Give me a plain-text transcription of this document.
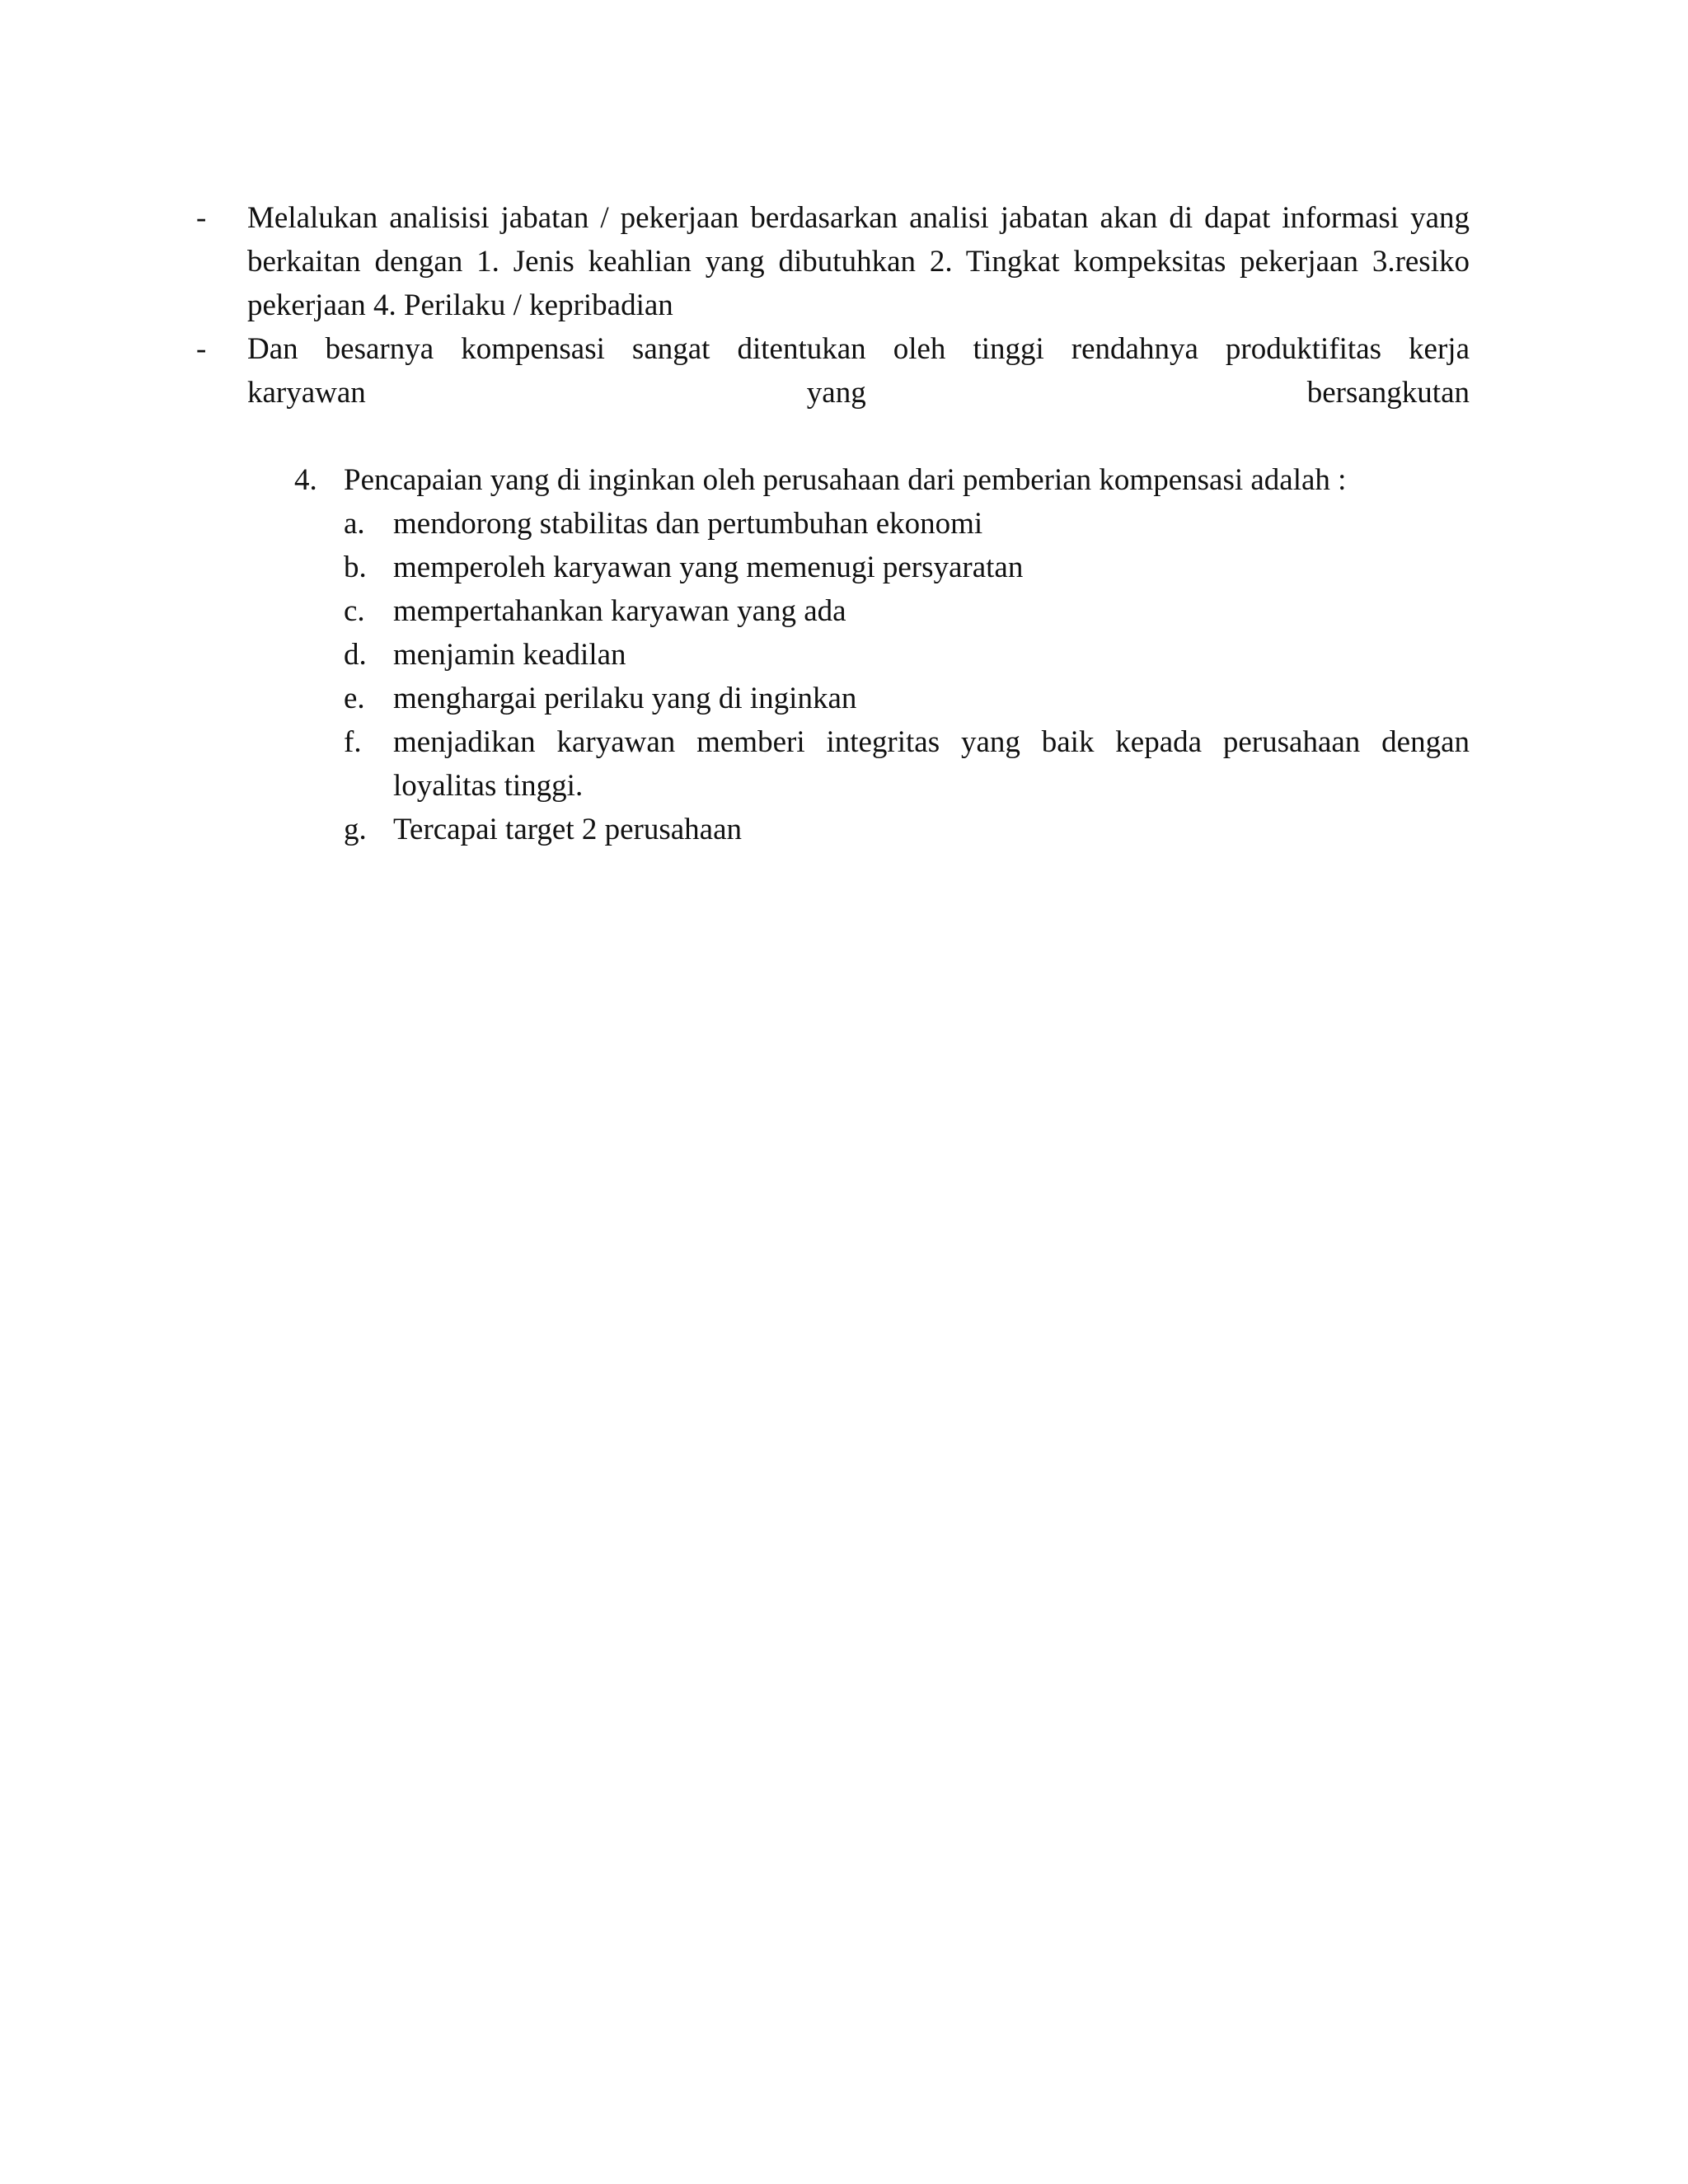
- Melalukan analisisi jabatan / pekerjaan berdasarkan analisi jabatan akan di dapat informasi yang berkaitan dengan 1. Jenis keahlian yang dibutuhkan 2. Tingkat kompeksitas pekerjaan 3.resiko pekerjaan 4. Perilaku / kepribadian
- Dan besarnya kompensasi sangat ditentukan oleh tinggi rendahnya produktifitas kerja
karyawan	yang	bersangkutan
4. Pencapaian yang di inginkan oleh perusahaan dari pemberian kompensasi adalah :
a. mendorong stabilitas dan pertumbuhan ekonomi
b. memperoleh karyawan yang memenugi persyaratan
c. mempertahankan karyawan yang ada
d. menjamin keadilan
e. menghargai perilaku yang di inginkan
f. menjadikan karyawan memberi integritas yang baik kepada perusahaan dengan loyalitas tinggi.
g. Tercapai target 2 perusahaan
